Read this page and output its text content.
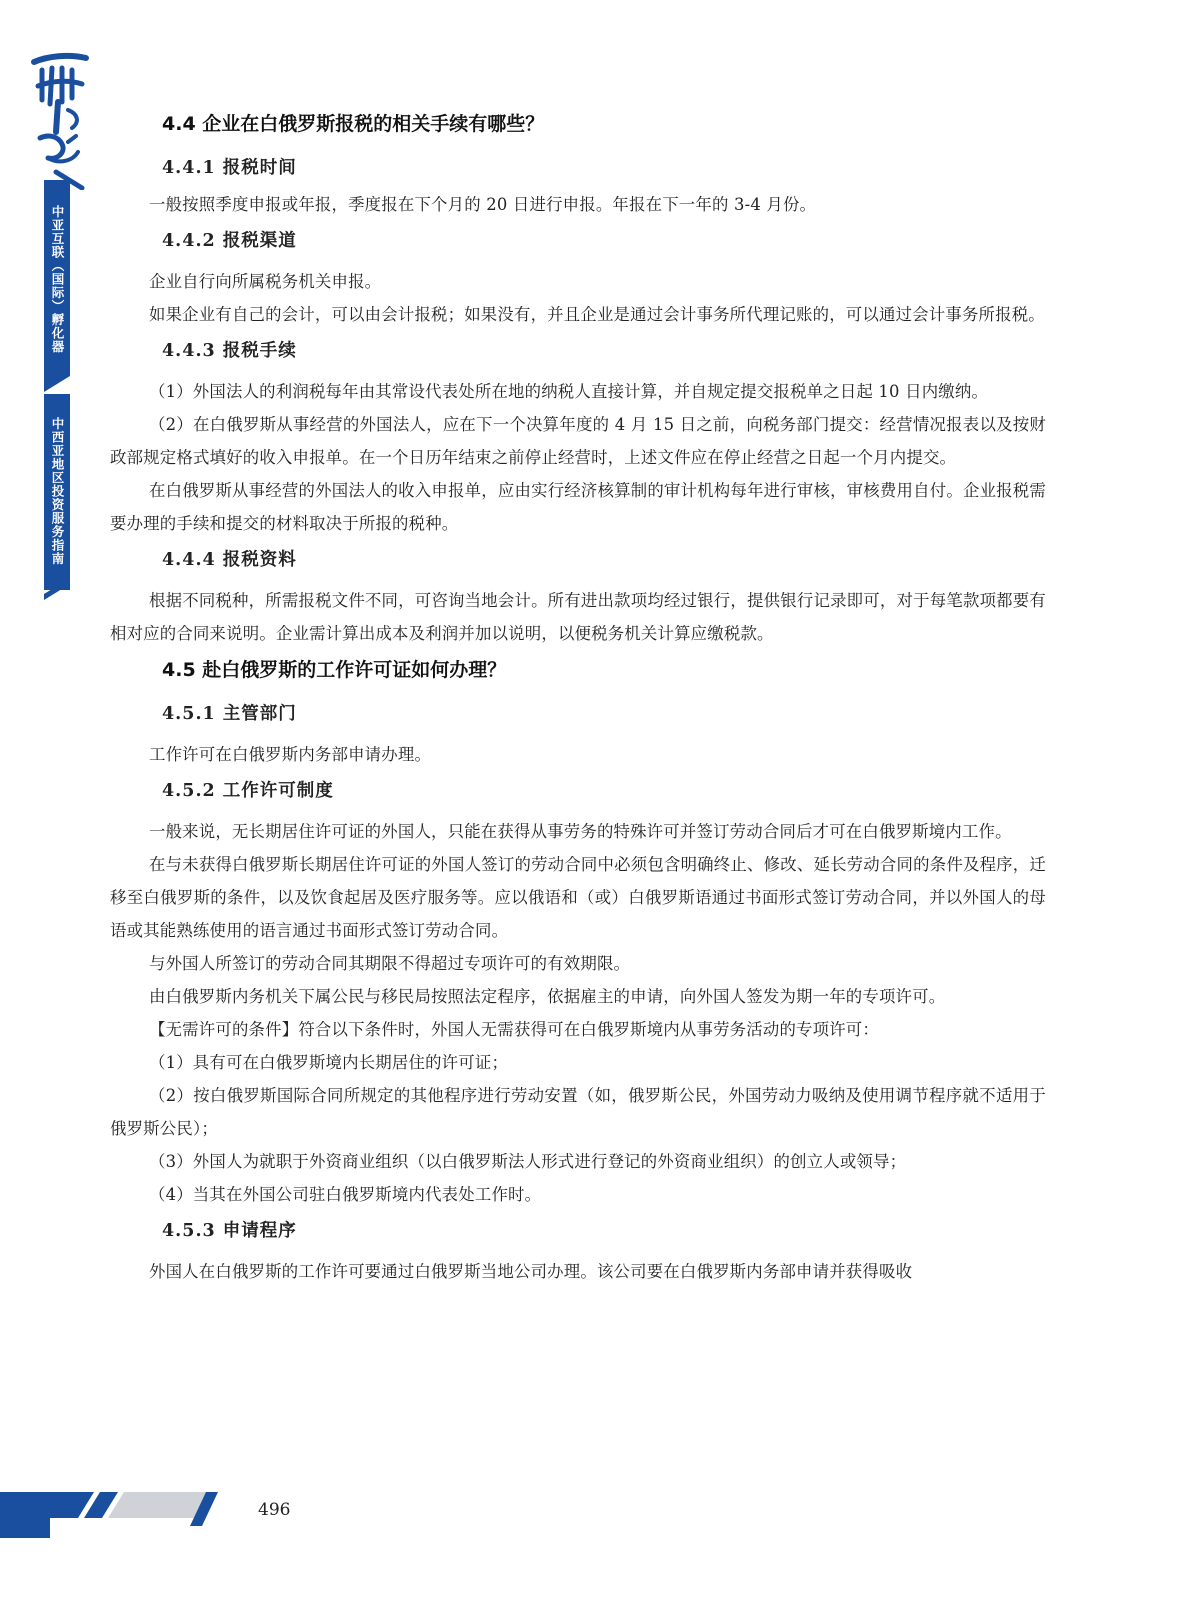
中亚互联（国际）孵化器
中西亚地区投资服务指南
4.4 企业在白俄罗斯报税的相关手续有哪些？
4.4.1 报税时间

一般按照季度申报或年报，季度报在下个月的 20 日进行申报。年报在下一年的 3-4 月份。

4.4.2 报税渠道

企业自行向所属税务机关申报。

如果企业有自己的会计，可以由会计报税；如果没有，并且企业是通过会计事务所代理记账的，可以通过会计事务所报税。

4.4.3 报税手续

（1）外国法人的利润税每年由其常设代表处所在地的纳税人直接计算，并自规定提交报税单之日起 10 日内缴纳。

（2）在白俄罗斯从事经营的外国法人，应在下一个决算年度的 4 月 15 日之前，向税务部门提交：经营情况报表以及按财政部规定格式填好的收入申报单。在一个日历年结束之前停止经营时，上述文件应在停止经营之日起一个月内提交。

在白俄罗斯从事经营的外国法人的收入申报单，应由实行经济核算制的审计机构每年进行审核，审核费用自付。企业报税需要办理的手续和提交的材料取决于所报的税种。

4.4.4 报税资料

根据不同税种，所需报税文件不同，可咨询当地会计。所有进出款项均经过银行，提供银行记录即可，对于每笔款项都要有相对应的合同来说明。企业需计算出成本及利润并加以说明，以便税务机关计算应缴税款。

4.5 赴白俄罗斯的工作许可证如何办理？
4.5.1 主管部门

工作许可在白俄罗斯内务部申请办理。

4.5.2 工作许可制度

一般来说，无长期居住许可证的外国人，只能在获得从事劳务的特殊许可并签订劳动合同后才可在白俄罗斯境内工作。

在与未获得白俄罗斯长期居住许可证的外国人签订的劳动合同中必须包含明确终止、修改、延长劳动合同的条件及程序，迁移至白俄罗斯的条件，以及饮食起居及医疗服务等。应以俄语和（或）白俄罗斯语通过书面形式签订劳动合同，并以外国人的母语或其能熟练使用的语言通过书面形式签订劳动合同。

与外国人所签订的劳动合同其期限不得超过专项许可的有效期限。

由白俄罗斯内务机关下属公民与移民局按照法定程序，依据雇主的申请，向外国人签发为期一年的专项许可。

【无需许可的条件】符合以下条件时，外国人无需获得可在白俄罗斯境内从事劳务活动的专项许可：

（1）具有可在白俄罗斯境内长期居住的许可证；

（2）按白俄罗斯国际合同所规定的其他程序进行劳动安置（如，俄罗斯公民，外国劳动力吸纳及使用调节程序就不适用于俄罗斯公民）；

（3）外国人为就职于外资商业组织（以白俄罗斯法人形式进行登记的外资商业组织）的创立人或领导；

（4）当其在外国公司驻白俄罗斯境内代表处工作时。

4.5.3 申请程序

外国人在白俄罗斯的工作许可要通过白俄罗斯当地公司办理。该公司要在白俄罗斯内务部申请并获得吸收

496
